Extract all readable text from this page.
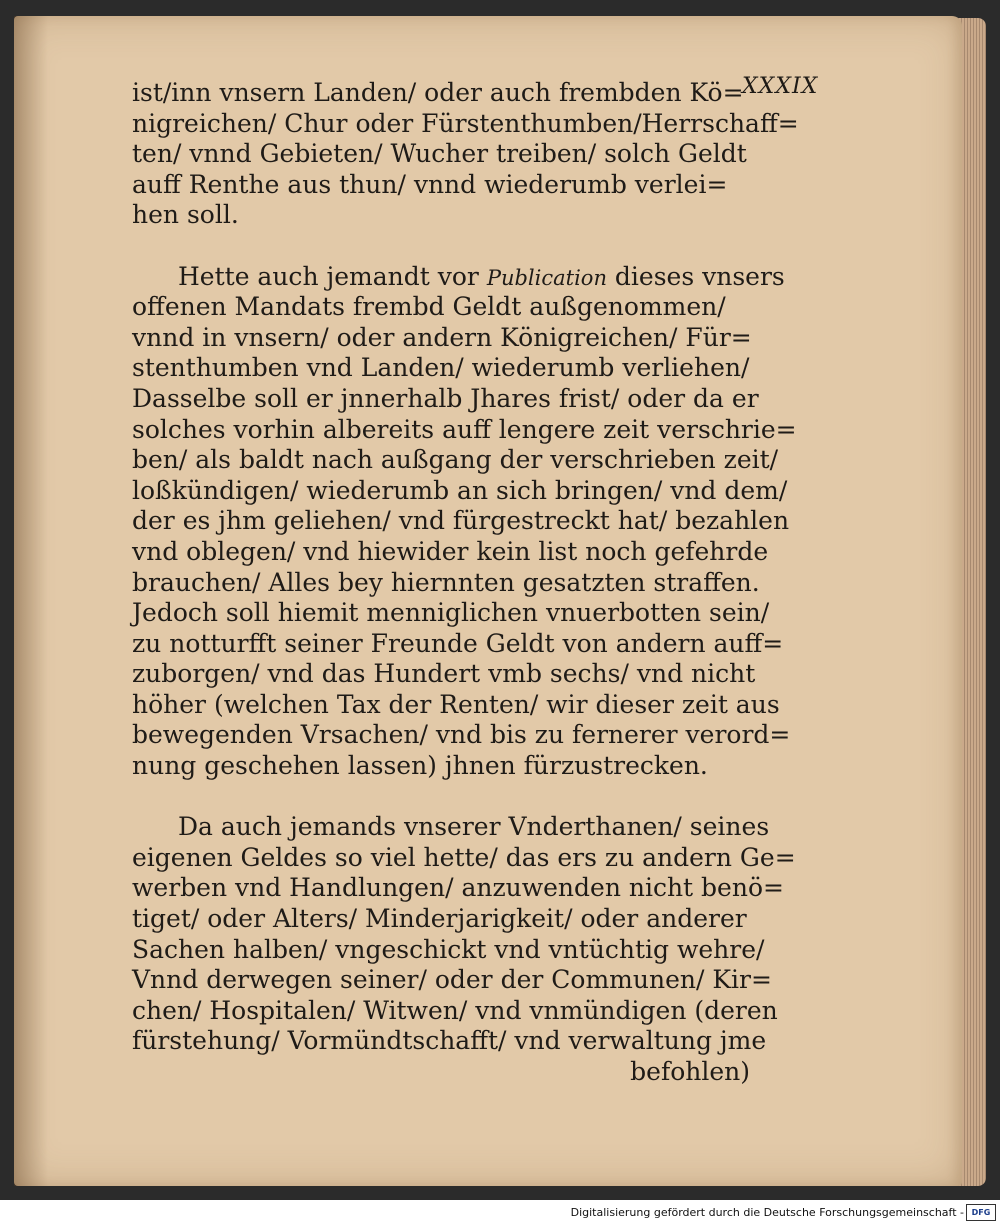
XXXIX
ist/inn vnsern Landen/ oder auch frembden Kö=
nigreichen/ Chur oder Fürstenthumben/Herrschaff=
ten/ vnnd Gebieten/ Wucher treiben/ solch Geldt
auff Renthe aus thun/ vnnd wiederumb verlei=
hen soll.
Hette auch jemandt vor Publication dieses vnsers
offenen Mandats frembd Geldt außgenommen/
vnnd in vnsern/ oder andern Königreichen/ Für=
stenthumben vnd Landen/ wiederumb verliehen/
Dasselbe soll er jnnerhalb Jhares frist/ oder da er
solches vorhin albereits auff lengere zeit verschrie=
ben/ als baldt nach außgang der verschrieben zeit/
loßkündigen/ wiederumb an sich bringen/ vnd dem/
der es jhm geliehen/ vnd fürgestreckt hat/ bezahlen
vnd oblegen/ vnd hiewider kein list noch gefehrde
brauchen/ Alles bey hiernnten gesatzten straffen.
Jedoch soll hiemit menniglichen vnuerbotten sein/
zu notturfft seiner Freunde Geldt von andern auff=
zuborgen/ vnd das Hundert vmb sechs/ vnd nicht
höher (welchen Tax der Renten/ wir dieser zeit aus
bewegenden Vrsachen/ vnd bis zu fernerer verord=
nung geschehen lassen) jhnen fürzustrecken.
Da auch jemands vnserer Vnderthanen/ seines
eigenen Geldes so viel hette/ das ers zu andern Ge=
werben vnd Handlungen/ anzuwenden nicht benö=
tiget/ oder Alters/ Minderjarigkeit/ oder anderer
Sachen halben/ vngeschickt vnd vntüchtig wehre/
Vnnd derwegen seiner/ oder der Communen/ Kir=
chen/ Hospitalen/ Witwen/ vnd vnmündigen (deren
fürstehung/ Vormündtschafft/ vnd verwaltung jme
befohlen)
Digitalisierung gefördert durch die Deutsche Forschungsgemeinschaft - DFG
